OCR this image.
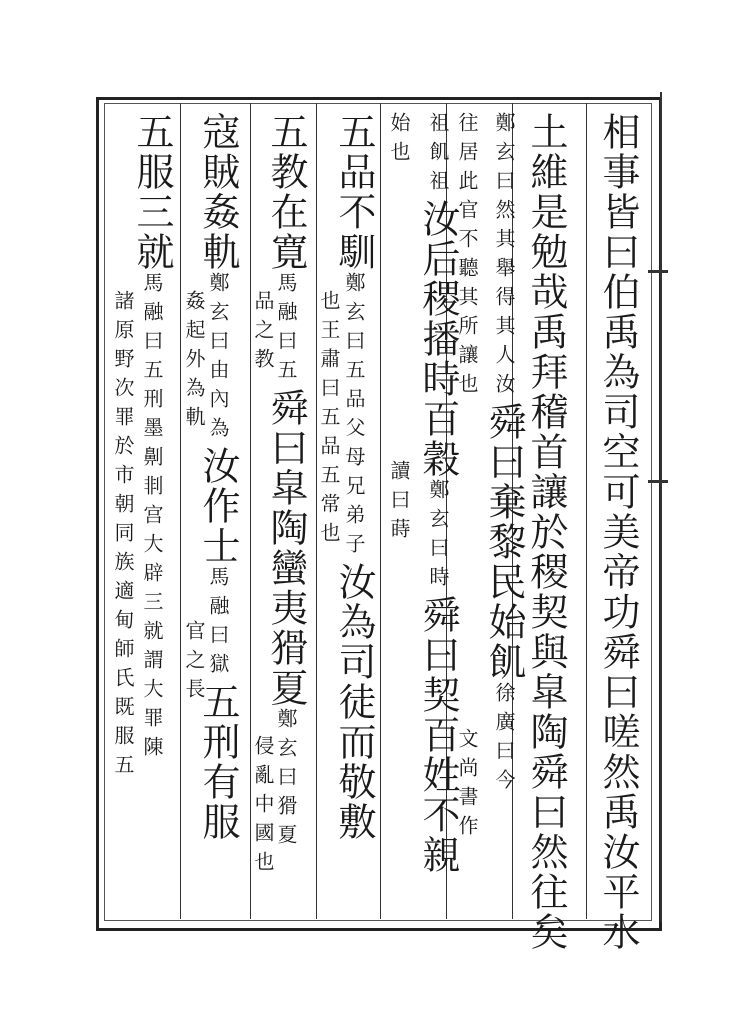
相事皆曰伯禹為司空可美帝功舜曰嗟然禹汝平水
土維是勉哉禹拜稽首讓於稷契與皐陶舜曰然往矣
鄭玄曰然其舉得其人汝舜曰棄黎民始飢徐廣曰今
往居此官不聽其所讓也文尚書作
祖飢祖汝后稷播時百穀鄭玄曰時舜曰契百姓不親
始也
讀曰蒔
五品不馴鄭玄曰五品父母兄弟子汝為司徒而敬敷
也王肅曰五品五常也
五教在寛馬融曰五舜曰皐陶蠻夷猾夏鄭玄曰猾夏
品之教
侵亂中國也
寇賊姦軌鄭玄曰由內為汝作士馬融曰獄五刑有服
姦起外為軌
官之長
五服三就馬融曰五刑墨劓剕宫大辟三就謂大罪陳
諸原野次罪於市朝同族適甸師氏既服五
